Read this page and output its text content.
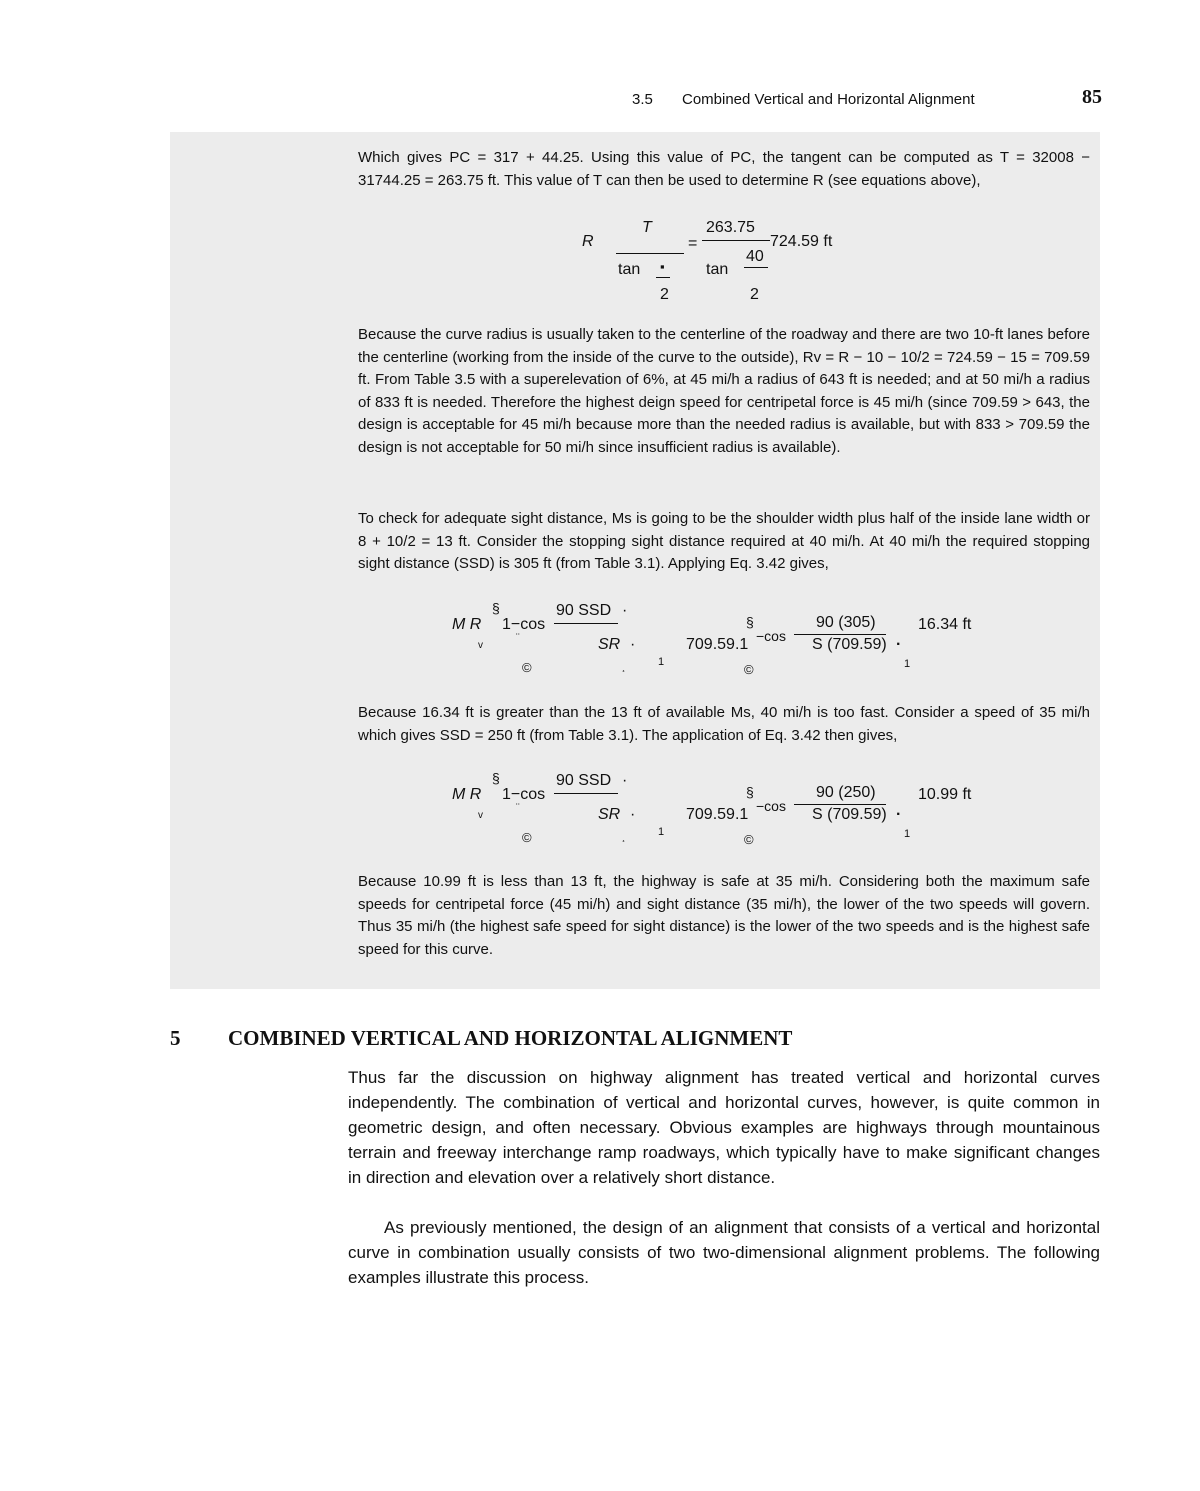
3.5 Combined Vertical and Horizontal Alignment	85

Which gives PC = 317 + 44.25. Using this value of PC, the tangent can be computed as T = 32008 − 31744.25 = 263.75 ft. This value of T can then be used to determine R (see equations above),

R
T
tan ▪
2
=
263.75
tan
40
2
724.59 ft

Because the curve radius is usually taken to the centerline of the roadway and there are two 10-ft lanes before the centerline (working from the inside of the curve to the outside), Rv = R − 10 − 10/2 = 724.59 − 15 = 709.59 ft. From Table 3.5 with a superelevation of 6%, at 45 mi/h a radius of 643 ft is needed; and at 50 mi/h a radius of 833 ft is needed. Therefore the highest deign speed for centripetal force is 45 mi/h (since 709.59 > 643, the design is acceptable for 45 mi/h because more than the needed radius is available, but with 833 > 709.59 the design is not acceptable for 50 mi/h since insufficient radius is available).

To check for adequate sight distance, Ms is going to be the shoulder width plus half of the inside lane width or 8 + 10/2 = 13 ft. Consider the stopping sight distance required at 40 mi/h. At 40 mi/h the required stopping sight distance (SSD) is 305 ft (from Table 3.1). Applying Eq. 3.42 gives,

M R
§
1−cos
90 SSD ·
v
¨	SR ·
©	¸	1
§
709.59.1 −cos
90 (305)
S (709.59) ·
©	1
16.34 ft

Because 16.34 ft is greater than the 13 ft of available Ms, 40 mi/h is too fast. Consider a speed of 35 mi/h which gives SSD = 250 ft (from Table 3.1). The application of Eq. 3.42 then gives,

M R
§
1−cos
90 SSD ·
v
¨	SR ·
©	¸	1
§
709.59.1 −cos
90 (250)
S (709.59) ·
©	1
10.99 ft

Because 10.99 ft is less than 13 ft, the highway is safe at 35 mi/h. Considering both the maximum safe speeds for centripetal force (45 mi/h) and sight distance (35 mi/h), the lower of the two speeds will govern. Thus 35 mi/h (the highest safe speed for sight distance) is the lower of the two speeds and is the highest safe speed for this curve.

5 COMBINED VERTICAL AND HORIZONTAL ALIGNMENT

Thus far the discussion on highway alignment has treated vertical and horizontal curves independently. The combination of vertical and horizontal curves, however, is quite common in geometric design, and often necessary. Obvious examples are highways through mountainous terrain and freeway interchange ramp roadways, which typically have to make significant changes in direction and elevation over a relatively short distance.

As previously mentioned, the design of an alignment that consists of a vertical and horizontal curve in combination usually consists of two two-dimensional alignment problems. The following examples illustrate this process.
